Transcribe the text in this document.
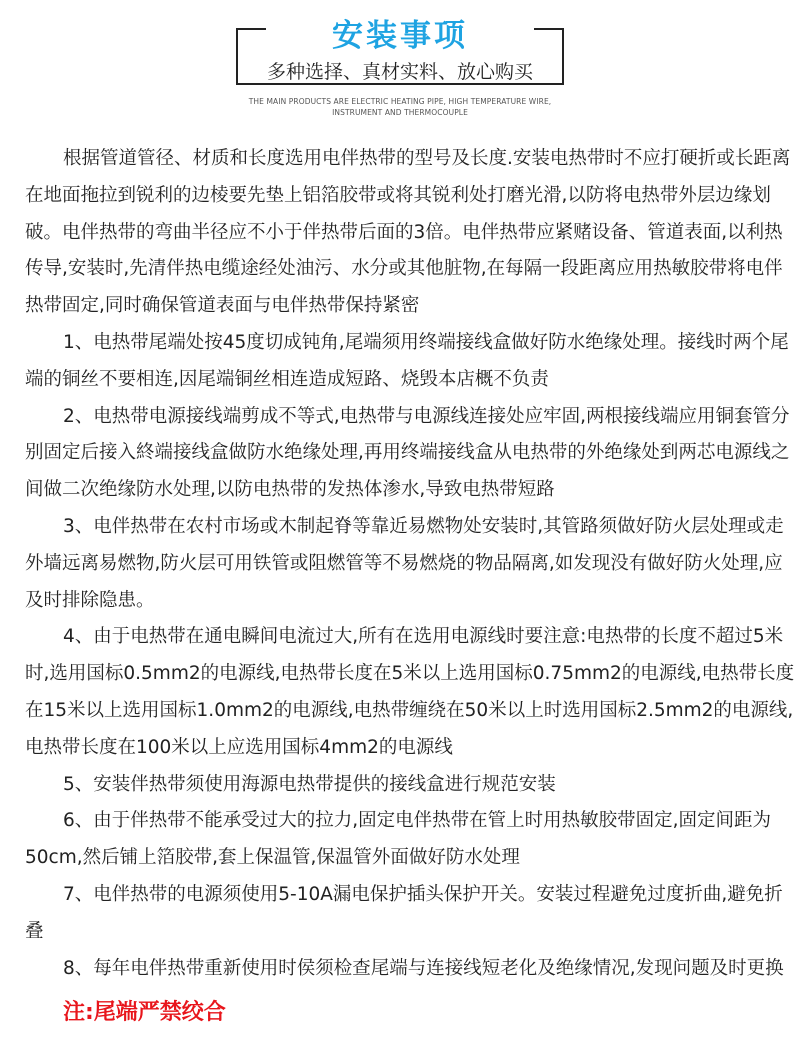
安装事项
多种选择、真材实料、放心购买
THE MAIN PRODUCTS ARE ELECTRIC HEATING PIPE, HIGH TEMPERATURE WIRE,
INSTRUMENT AND THERMOCOUPLE
根据管道管径、材质和长度选用电伴热带的型号及长度.安装电热带时不应打硬折或长距离
在地面拖拉到锐利的边棱要先垫上铝箔胶带或将其锐利处打磨光滑,以防将电热带外层边缘划
破。电伴热带的弯曲半径应不小于伴热带后面的3倍。电伴热带应紧赌设备、管道表面,以利热
传导,安装时,先清伴热电缆途经处油污、水分或其他脏物,在每隔一段距离应用热敏胶带将电伴
热带固定,同时确保管道表面与电伴热带保持紧密
1、电热带尾端处按45度切成钝角,尾端须用终端接线盒做好防水绝缘处理。接线时两个尾
端的铜丝不要相连,因尾端铜丝相连造成短路、烧毁本店概不负责
2、电热带电源接线端剪成不等式,电热带与电源线连接处应牢固,两根接线端应用铜套管分
别固定后接入終端接线盒做防水绝缘处理,再用终端接线盒从电热带的外绝缘处到两芯电源线之
间做二次绝缘防水处理,以防电热带的发热体渗水,导致电热带短路
3、电伴热带在农村市场或木制起脊等靠近易燃物处安装时,其管路须做好防火层处理或走
外墙远离易燃物,防火层可用铁管或阻燃管等不易燃烧的物品隔离,如发现没有做好防火处理,应
及时排除隐患。
4、由于电热带在通电瞬间电流过大,所有在选用电源线时要注意:电热带的长度不超过5米
时,选用国标0.5mm2的电源线,电热带长度在5米以上选用国标0.75mm2的电源线,电热带长度
在15米以上选用国标1.0mm2的电源线,电热带缠绕在50米以上时选用国标2.5mm2的电源线,
电热带长度在100米以上应选用国标4mm2的电源线
5、安装伴热带须使用海源电热带提供的接线盒进行规范安装
6、由于伴热带不能承受过大的拉力,固定电伴热带在管上时用热敏胶带固定,固定间距为
50cm,然后铺上箔胶带,套上保温管,保温管外面做好防水处理
7、电伴热带的电源须使用5-10A漏电保护插头保护开关。安装过程避免过度折曲,避免折
叠
8、每年电伴热带重新使用时侯须检查尾端与连接线短老化及绝缘情况,发现问题及时更换
注:尾端严禁绞合
